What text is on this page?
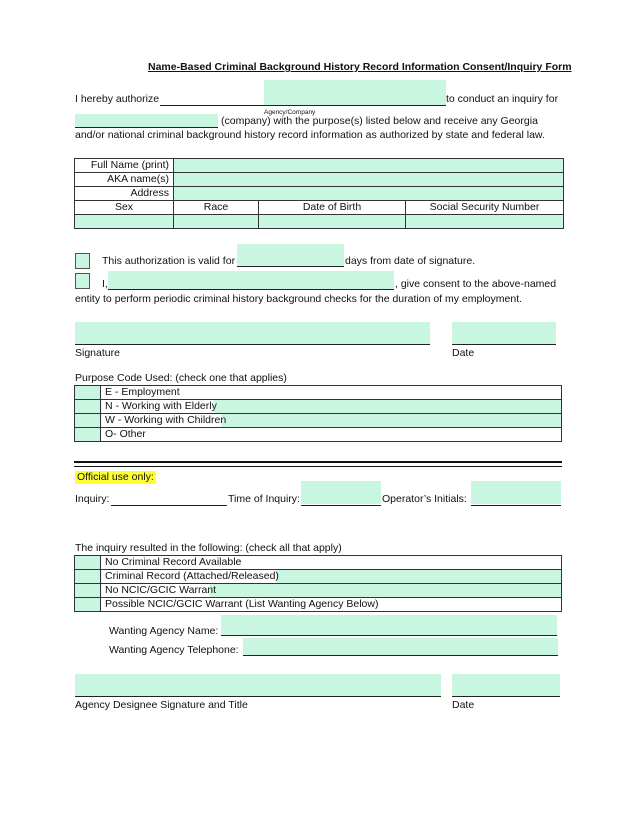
Name-Based Criminal Background History Record Information Consent/Inquiry Form
I hereby authorize	to conduct an inquiry for
Agency/Company
(company) with the purpose(s) listed below and receive any Georgia
and/or national criminal background history record information as authorized by state and federal law.
Full Name (print)			
AKA name(s)			
Address			
Sex	Race	Date of Birth	Social Security Number

This authorization is valid for	days from date of signature.
I,	, give consent to the above-named
entity to perform periodic criminal history background checks for the duration of my employment.
Signature	Date
Purpose Code Used: (check one that applies)
	E - Employment
	N - Working with Elderly
	W - Working with Children
	O- Other
Official use only:
Inquiry:	Time of Inquiry:	Operator’s Initials:
The inquiry resulted in the following: (check all that apply)
	No Criminal Record Available
	Criminal Record (Attached/Released)
	No NCIC/GCIC Warrant
	Possible NCIC/GCIC Warrant (List Wanting Agency Below)
Wanting Agency Name:
Wanting Agency Telephone:
Agency Designee Signature and Title	Date
